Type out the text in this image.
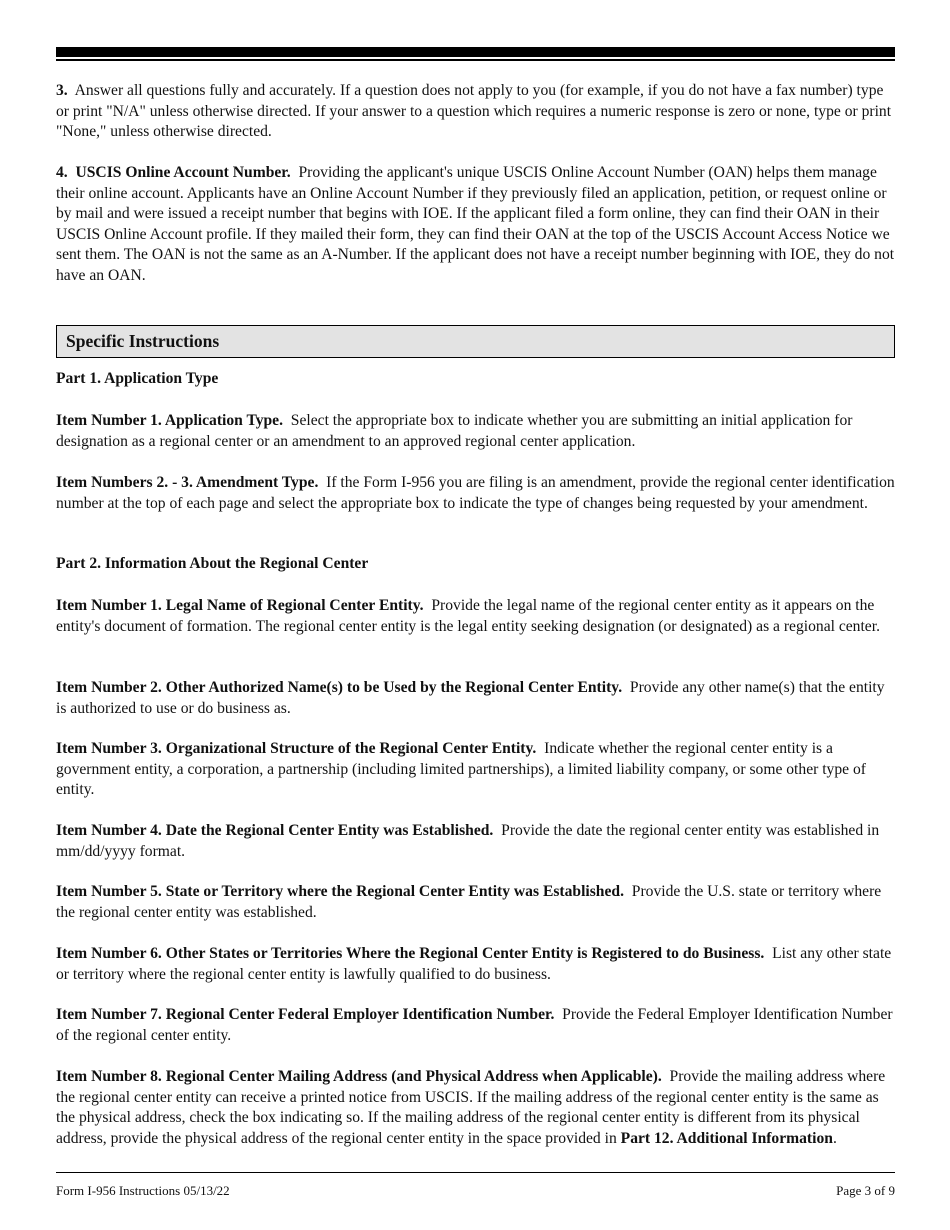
3. Answer all questions fully and accurately. If a question does not apply to you (for example, if you do not have a fax number) type or print "N/A" unless otherwise directed. If your answer to a question which requires a numeric response is zero or none, type or print "None," unless otherwise directed.

4. USCIS Online Account Number. Providing the applicant's unique USCIS Online Account Number (OAN) helps them manage their online account. Applicants have an Online Account Number if they previously filed an application, petition, or request online or by mail and were issued a receipt number that begins with IOE. If the applicant filed a form online, they can find their OAN in their USCIS Online Account profile. If they mailed their form, they can find their OAN at the top of the USCIS Account Access Notice we sent them. The OAN is not the same as an A-Number. If the applicant does not have a receipt number beginning with IOE, they do not have an OAN.

Specific Instructions
Part 1. Application Type

Item Number 1. Application Type. Select the appropriate box to indicate whether you are submitting an initial application for designation as a regional center or an amendment to an approved regional center application.

Item Numbers 2. - 3. Amendment Type. If the Form I-956 you are filing is an amendment, provide the regional center identification number at the top of each page and select the appropriate box to indicate the type of changes being requested by your amendment.

Part 2. Information About the Regional Center

Item Number 1. Legal Name of Regional Center Entity. Provide the legal name of the regional center entity as it appears on the entity's document of formation. The regional center entity is the legal entity seeking designation (or designated) as a regional center.

Item Number 2. Other Authorized Name(s) to be Used by the Regional Center Entity. Provide any other name(s) that the entity is authorized to use or do business as.

Item Number 3. Organizational Structure of the Regional Center Entity. Indicate whether the regional center entity is a government entity, a corporation, a partnership (including limited partnerships), a limited liability company, or some other type of entity.

Item Number 4. Date the Regional Center Entity was Established. Provide the date the regional center entity was established in mm/dd/yyyy format.

Item Number 5. State or Territory where the Regional Center Entity was Established. Provide the U.S. state or territory where the regional center entity was established.

Item Number 6. Other States or Territories Where the Regional Center Entity is Registered to do Business. List any other state or territory where the regional center entity is lawfully qualified to do business.

Item Number 7. Regional Center Federal Employer Identification Number. Provide the Federal Employer Identification Number of the regional center entity.

Item Number 8. Regional Center Mailing Address (and Physical Address when Applicable). Provide the mailing address where the regional center entity can receive a printed notice from USCIS. If the mailing address of the regional center entity is the same as the physical address, check the box indicating so. If the mailing address of the regional center entity is different from its physical address, provide the physical address of the regional center entity in the space provided in Part 12. Additional Information.

Form I-956 Instructions 05/13/22	Page 3 of 9
